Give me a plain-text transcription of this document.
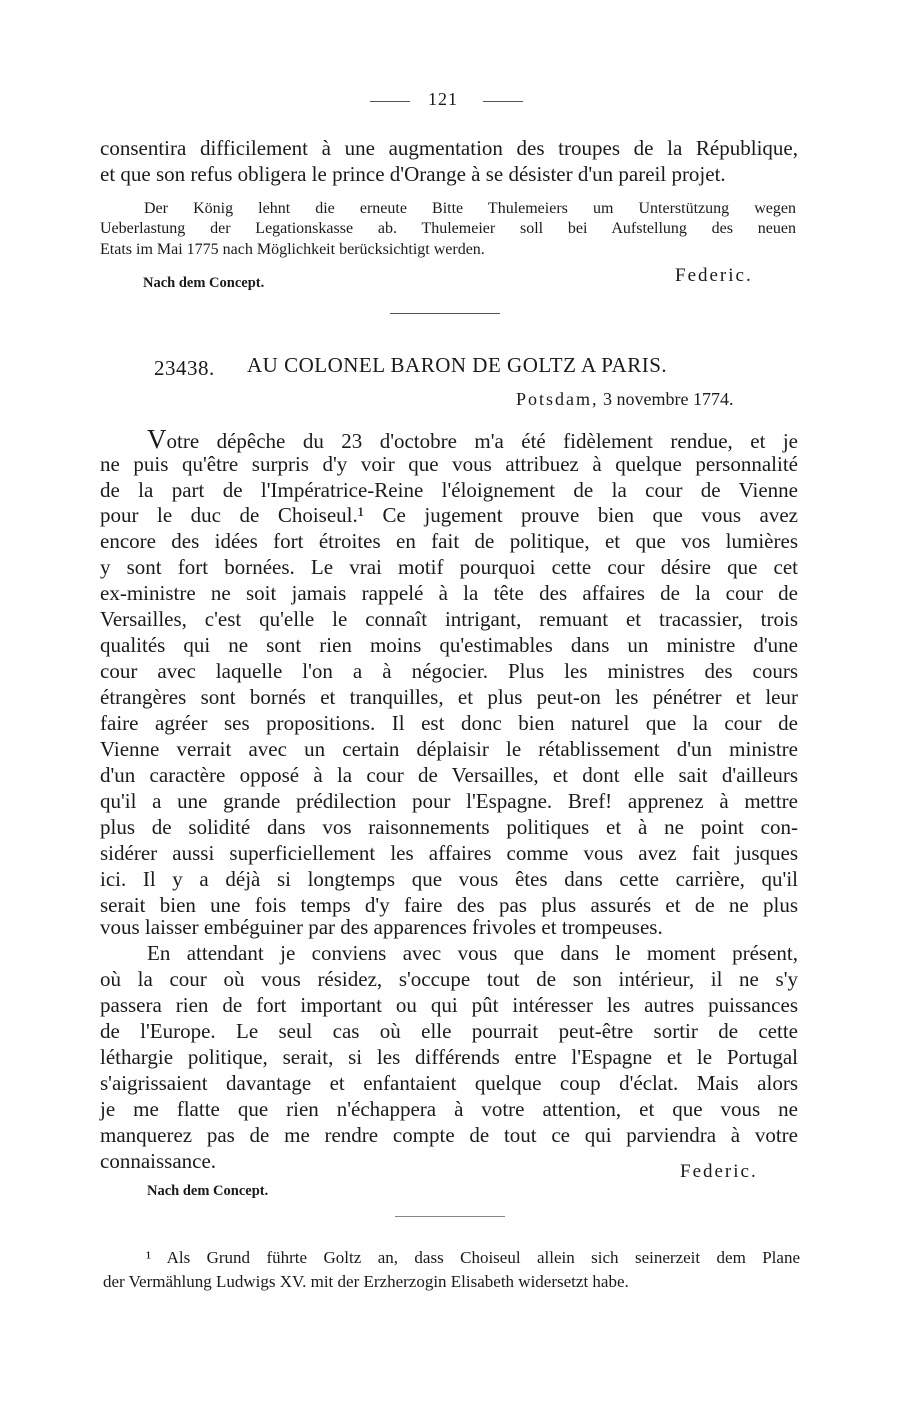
121
consentira difficilement à une augmentation des troupes de la République,
et que son refus obligera le prince d'Orange à se désister d'un pareil projet.
Der König lehnt die erneute Bitte Thulemeiers um Unterstützung wegen
Ueberlastung der Legationskasse ab. Thulemeier soll bei Aufstellung des neuen
Etats im Mai 1775 nach Möglichkeit berücksichtigt werden.
Nach dem Concept.	Federic.
23438. AU COLONEL BARON DE GOLTZ A PARIS.
Potsdam, 3 novembre 1774.
Votre dépêche du 23 d'octobre m'a été fidèlement rendue, et je
ne puis qu'être surpris d'y voir que vous attribuez à quelque personnalité
de la part de l'Impératrice-Reine l'éloignement de la cour de Vienne
pour le duc de Choiseul.¹ Ce jugement prouve bien que vous avez
encore des idées fort étroites en fait de politique, et que vos lumières
y sont fort bornées. Le vrai motif pourquoi cette cour désire que cet
ex-ministre ne soit jamais rappelé à la tête des affaires de la cour de
Versailles, c'est qu'elle le connaît intrigant, remuant et tracassier, trois
qualités qui ne sont rien moins qu'estimables dans un ministre d'une
cour avec laquelle l'on a à négocier. Plus les ministres des cours
étrangères sont bornés et tranquilles, et plus peut-on les pénétrer et leur
faire agréer ses propositions. Il est donc bien naturel que la cour de
Vienne verrait avec un certain déplaisir le rétablissement d'un ministre
d'un caractère opposé à la cour de Versailles, et dont elle sait d'ailleurs
qu'il a une grande prédilection pour l'Espagne. Bref! apprenez à mettre
plus de solidité dans vos raisonnements politiques et à ne point con-
sidérer aussi superficiellement les affaires comme vous avez fait jusques
ici. Il y a déjà si longtemps que vous êtes dans cette carrière, qu'il
serait bien une fois temps d'y faire des pas plus assurés et de ne plus
vous laisser embéguiner par des apparences frivoles et trompeuses.
En attendant je conviens avec vous que dans le moment présent,
où la cour où vous résidez, s'occupe tout de son intérieur, il ne s'y
passera rien de fort important ou qui pût intéresser les autres puissances
de l'Europe. Le seul cas où elle pourrait peut-être sortir de cette
léthargie politique, serait, si les différends entre l'Espagne et le Portugal
s'aigrissaient davantage et enfantaient quelque coup d'éclat. Mais alors
je me flatte que rien n'échappera à votre attention, et que vous ne
manquerez pas de me rendre compte de tout ce qui parviendra à votre
connaissance.	Federic.
Nach dem Concept.
¹ Als Grund führte Goltz an, dass Choiseul allein sich seinerzeit dem Plane
der Vermählung Ludwigs XV. mit der Erzherzogin Elisabeth widersetzt habe.
